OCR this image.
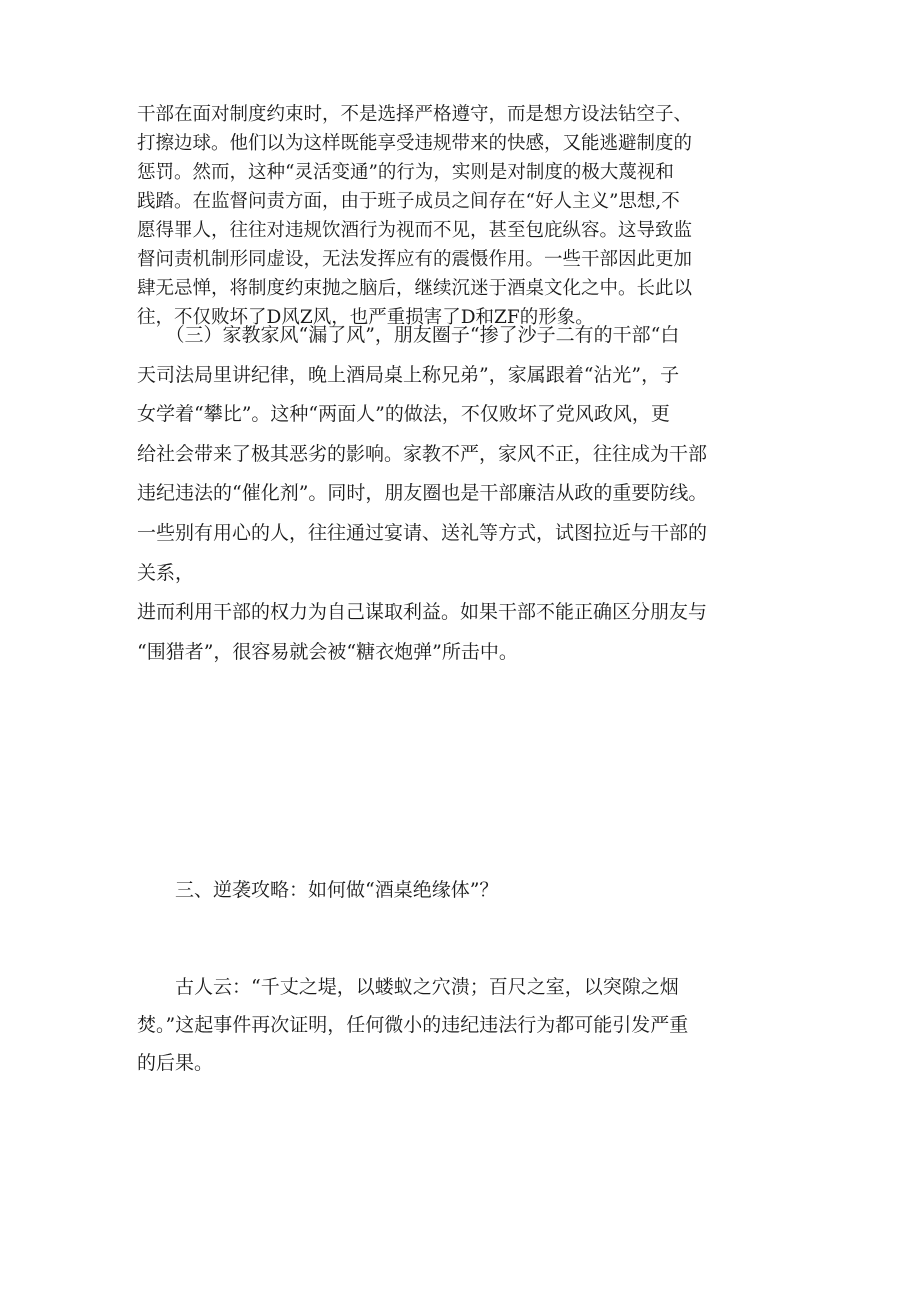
干部在面对制度约束时，不是选择严格遵守，而是想方设法钻空子、

打擦边球。他们以为这样既能享受违规带来的快感，又能逃避制度的

惩罚。然而，这种“灵活变通”的行为，实则是对制度的极大蔑视和

践踏。在监督问责方面，由于班子成员之间存在“好人主义”思想,不

愿得罪人，往往对违规饮酒行为视而不见，甚至包庇纵容。这导致监

督问责机制形同虚设，无法发挥应有的震慑作用。一些干部因此更加

肆无忌惮，将制度约束抛之脑后，继续沉迷于酒桌文化之中。长此以

往，不仅败坏了D风Z风，也严重损害了D和ZF的形象。

　　（三）家教家风“漏了风”，朋友圈子“掺了沙子二有的干部“白

天司法局里讲纪律，晚上酒局桌上称兄弟”，家属跟着“沾光”，子

女学着“攀比”。这种“两面人”的做法，不仅败坏了党风政风，更

给社会带来了极其恶劣的影响。家教不严，家风不正，往往成为干部

违纪违法的“催化剂”。同时，朋友圈也是干部廉洁从政的重要防线。

一些别有用心的人，往往通过宴请、送礼等方式，试图拉近与干部的

关系，

进而利用干部的权力为自己谋取利益。如果干部不能正确区分朋友与

“围猎者”，很容易就会被“糖衣炮弹”所击中。

　　三、逆袭攻略：如何做“酒桌绝缘体”？

　　古人云：“千丈之堤，以蝼蚁之穴溃；百尺之室，以突隙之烟

焚。”这起事件再次证明，任何微小的违纪违法行为都可能引发严重

的后果。
